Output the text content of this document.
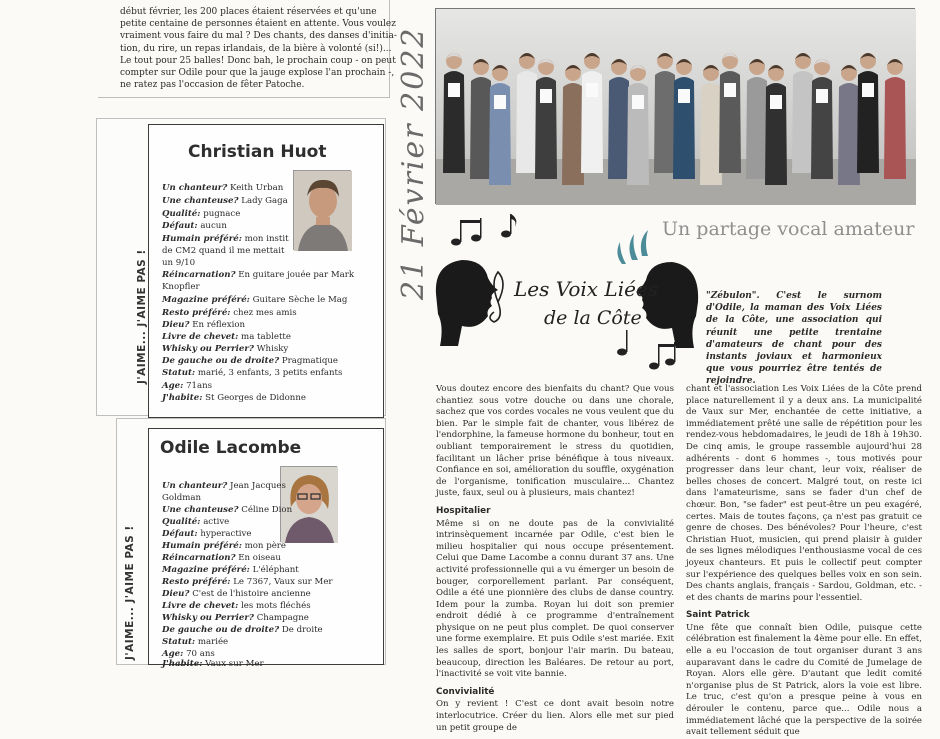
début février, les 200 places étaient réservées et qu'une

petite centaine de personnes étaient en attente. Vous voulez

vraiment vous faire du mal ? Des chants, des danses d'initia-

tion, du rire, un repas irlandais, de la bière à volonté (si!)...

Le tout pour 25 balles! Donc bah, le prochain coup - on peut

compter sur Odile pour que la jauge explose l'an prochain -,

ne ratez pas l'occasion de fêter Patoche.

Christian Huot
J'AIME... J'AIME PAS !
Un chanteur? Keith Urban
Une chanteuse? Lady Gaga
Qualité: pugnace
Défaut: aucun
Humain préféré: mon instit
de CM2 quand il me mettait
un 9/10
Réincarnation? En guitare jouée par Mark
Knopfler
Magazine préféré: Guitare Sèche le Mag
Resto préféré: chez mes amis
Dieu? En réflexion
Livre de chevet: ma tablette
Whisky ou Perrier? Whisky
De gauche ou de droite? Pragmatique
Statut: marié, 3 enfants, 3 petits enfants
Age: 71ans
J'habite: St Georges de Didonne
Odile Lacombe
J'AIME... J'AIME PAS !
Un chanteur? Jean Jacques
Goldman
Une chanteuse? Céline Dion
Qualité: active
Défaut: hyperactive
Humain préféré: mon père
Réincarnation? En oiseau
Magazine préféré: L'éléphant
Resto préféré: Le 7367, Vaux sur Mer
Dieu? C'est de l'histoire ancienne
Livre de chevet: les mots fléchés
Whisky ou Perrier? Champagne
De gauche ou de droite? De droite
Statut: mariée
Age: 70 ans
J'habite: Vaux sur Mer
21 Février 2022	Un partage vocal amateur
Les Voix Liées
de la Côte
"Zébulon". C'est le surnom d'Odile, la maman des Voix Liées de la Côte, une association qui réunit une petite trentaine d'amateurs de chant pour des instants joviaux et harmonieux que vous pourriez être tentés de rejoindre.

Vous doutez encore des bienfaits du chant? Que vous chantiez sous votre douche ou dans une chorale, sachez que vos cordes vocales ne vous veulent que du bien. Par le simple fait de chanter, vous libérez de l'endorphine, la fameuse hormone du bonheur, tout en oubliant temporairement le stress du quotidien, facilitant un lâcher prise bénéfique à tous niveaux. Confiance en soi, amélioration du souffle, oxygénation de l'organisme, tonification musculaire... Chantez juste, faux, seul ou à plusieurs, mais chantez!

Hospitalier

Même si on ne doute pas de la convivialité intrinsèquement incarnée par Odile, c'est bien le milieu hospitalier qui nous occupe présentement. Celui que Dame Lacombe a connu durant 37 ans. Une activité professionnelle qui a vu émerger un besoin de bouger, corporellement parlant. Par conséquent, Odile a été une pionnière des clubs de danse country. Idem pour la zumba. Royan lui doit son premier endroit dédié à ce programme d'entraînement physique on ne peut plus complet. De quoi conserver une forme exemplaire. Et puis Odile s'est mariée. Exit les salles de sport, bonjour l'air marin. Du bateau, beaucoup, direction les Baléares. De retour au port, l'inactivité se voit vite bannie.

Convivialité

On y revient ! C'est ce dont avait besoin notre interlocutrice. Créer du lien. Alors elle met sur pied un petit groupe de

chant et l'association Les Voix Liées de la Côte prend place naturellement il y a deux ans. La municipalité de Vaux sur Mer, enchantée de cette initiative, a immédiatement prêté une salle de répétition pour les rendez-vous hebdomadaires, le jeudi de 18h à 19h30. De cinq amis, le groupe rassemble aujourd'hui 28 adhérents - dont 6 hommes -, tous motivés pour progresser dans leur chant, leur voix, réaliser de belles choses de concert. Malgré tout, on reste ici dans l'amateurisme, sans se fader d'un chef de chœur. Bon, "se fader" est peut-être un peu exagéré, certes. Mais de toutes façons, ça n'est pas gratuit ce genre de choses. Des bénévoles? Pour l'heure, c'est Christian Huot, musicien, qui prend plaisir à guider de ses lignes mélodiques l'enthousiasme vocal de ces joyeux chanteurs. Et puis le collectif peut compter sur l'expérience des quelques belles voix en son sein. Des chants anglais, français - Sardou, Goldman, etc. - et des chants de marins pour l'essentiel.

Saint Patrick

Une fête que connaît bien Odile, puisque cette célébration est finalement la 4ème pour elle. En effet, elle a eu l'occasion de tout organiser durant 3 ans auparavant dans le cadre du Comité de Jumelage de Royan. Alors elle gère. D'autant que ledit comité n'organise plus de St Patrick, alors la voie est libre. Le truc, c'est qu'on a presque peine à vous en dérouler le contenu, parce que... Odile nous a immédiatement lâché que la perspective de la soirée avait tellement séduit que
